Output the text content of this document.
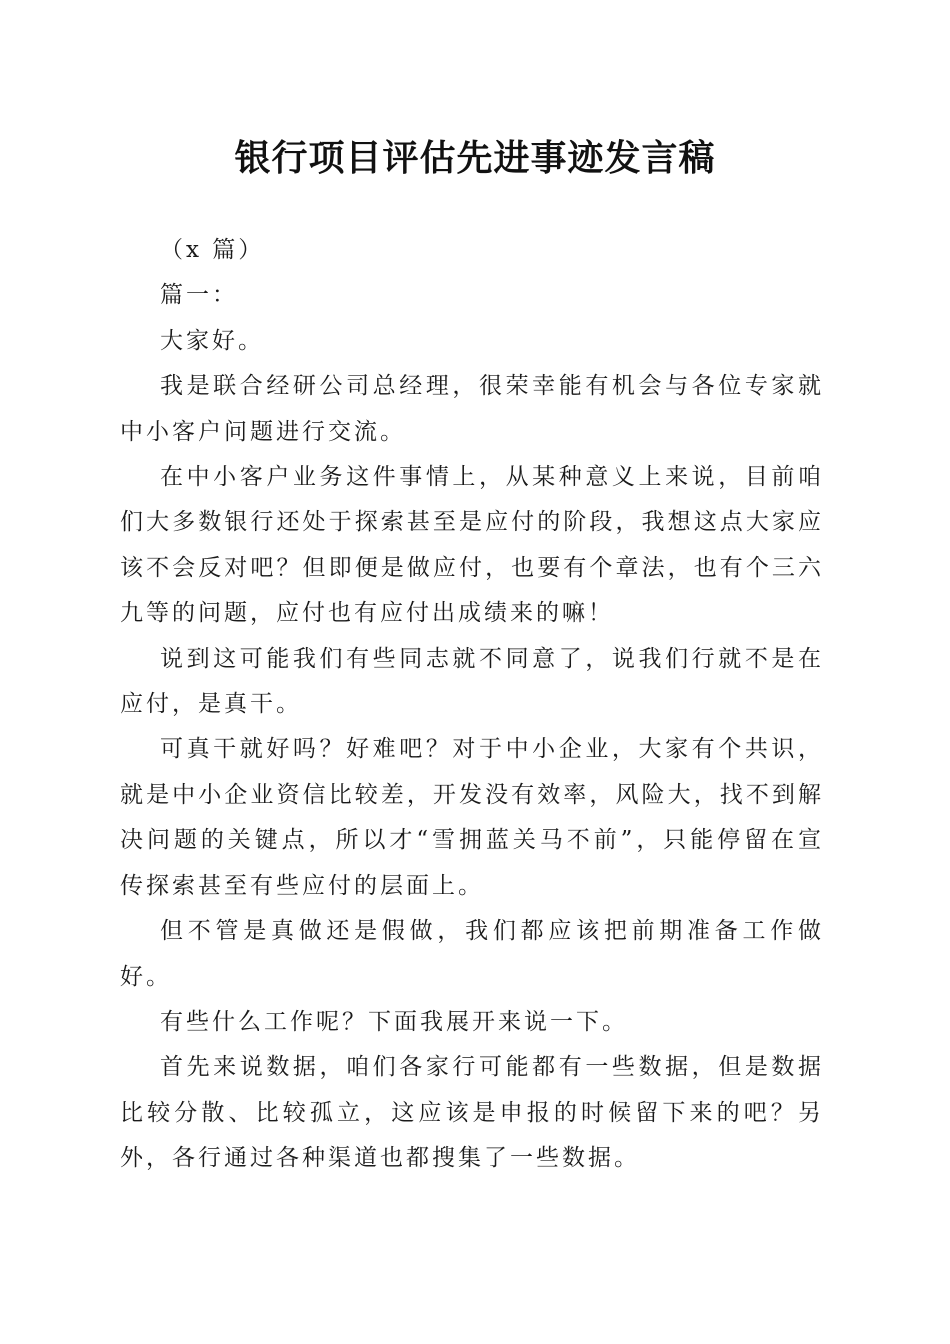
银行项目评估先进事迹发言稿

（x 篇）

篇一：

大家好。

我是联合经研公司总经理，很荣幸能有机会与各位专家就中小客户问题进行交流。

在中小客户业务这件事情上，从某种意义上来说，目前咱们大多数银行还处于探索甚至是应付的阶段，我想这点大家应该不会反对吧？但即便是做应付，也要有个章法，也有个三六九等的问题，应付也有应付出成绩来的嘛！

说到这可能我们有些同志就不同意了，说我们行就不是在应付，是真干。

可真干就好吗？好难吧？对于中小企业，大家有个共识，就是中小企业资信比较差，开发没有效率，风险大，找不到解决问题的关键点，所以才“雪拥蓝关马不前”，只能停留在宣传探索甚至有些应付的层面上。

但不管是真做还是假做，我们都应该把前期准备工作做好。

有些什么工作呢？下面我展开来说一下。

首先来说数据，咱们各家行可能都有一些数据，但是数据比较分散、比较孤立，这应该是申报的时候留下来的吧？另外，各行通过各种渠道也都搜集了一些数据。
